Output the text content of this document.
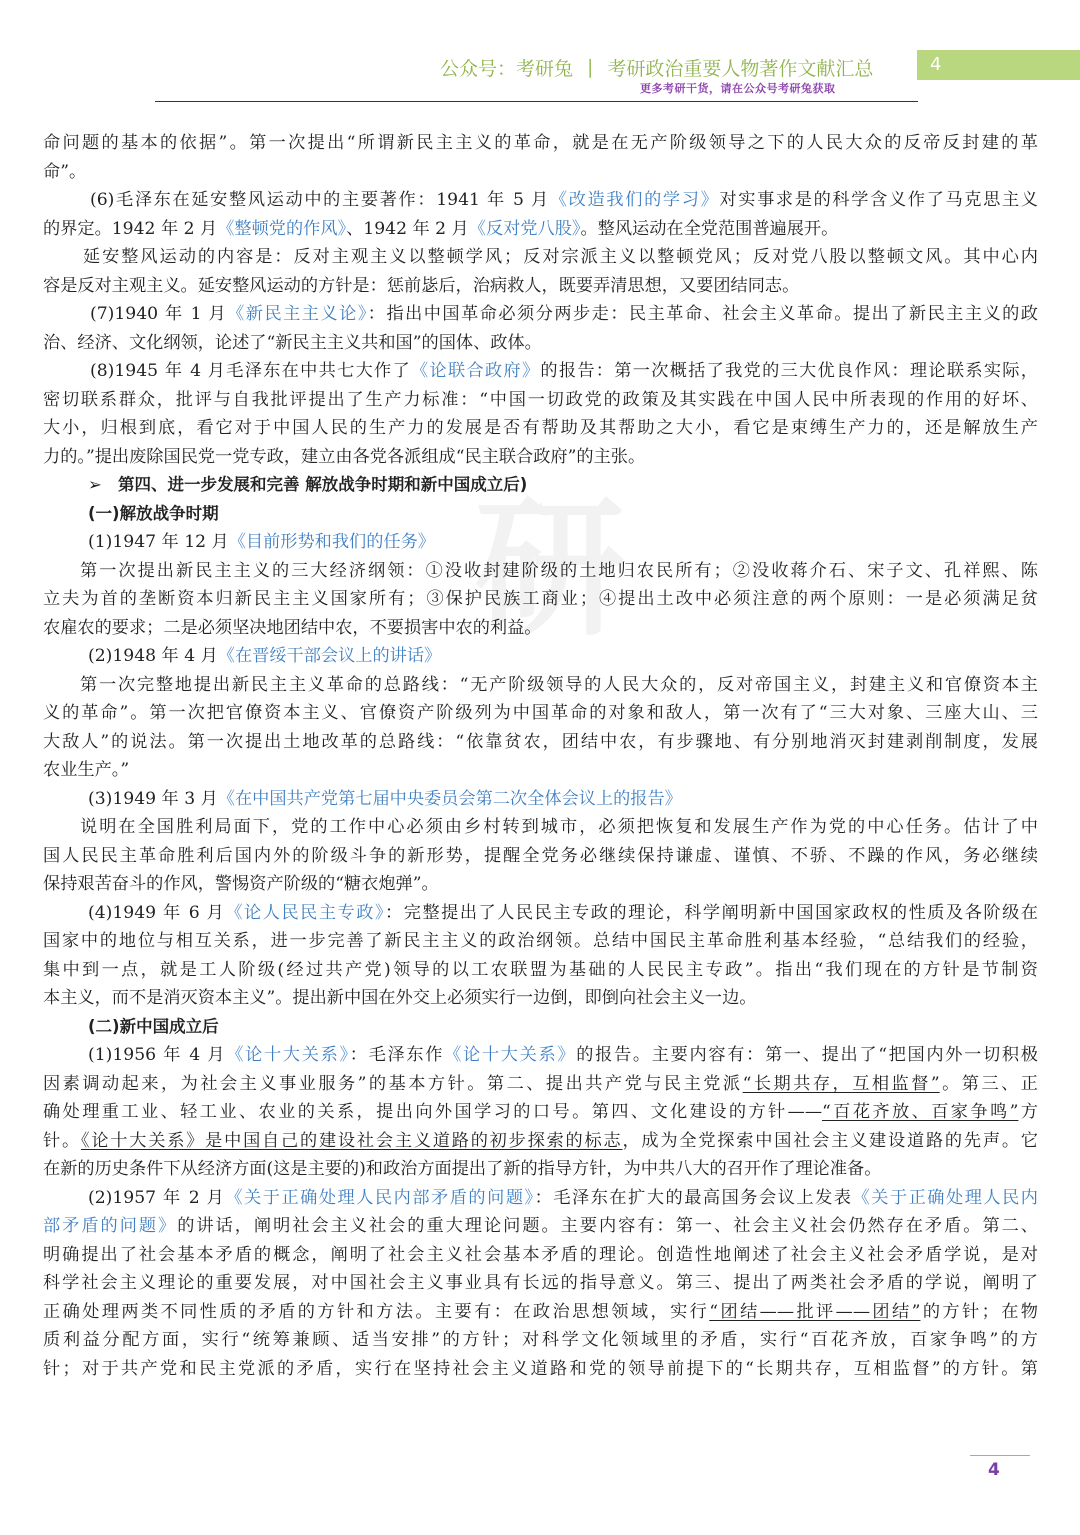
公众号：考研兔 | 考研政治重要人物著作文献汇总	4
更多考研干货，请在公众号考研兔获取
研
命问题的基本的依据”。第一次提出“所谓新民主主义的革命，就是在无产阶级领导之下的人民大众的反帝反封建的革
命”。
(6)毛泽东在延安整风运动中的主要著作：1941 年 5 月《改造我们的学习》对实事求是的科学含义作了马克思主义
的界定。1942 年 2 月《整顿党的作风》、1942 年 2 月《反对党八股》。整风运动在全党范围普遍展开。
延安整风运动的内容是：反对主观主义以整顿学风；反对宗派主义以整顿党风；反对党八股以整顿文风。其中心内
容是反对主观主义。延安整风运动的方针是：惩前毖后，治病救人，既要弄清思想，又要团结同志。
(7)1940 年 1 月《新民主主义论》：指出中国革命必须分两步走：民主革命、社会主义革命。提出了新民主主义的政
治、经济、文化纲领，论述了“新民主主义共和国”的国体、政体。
(8)1945 年 4 月毛泽东在中共七大作了《论联合政府》的报告：第一次概括了我党的三大优良作风：理论联系实际，
密切联系群众，批评与自我批评提出了生产力标准：“中国一切政党的政策及其实践在中国人民中所表现的作用的好坏、
大小，归根到底，看它对于中国人民的生产力的发展是否有帮助及其帮助之大小，看它是束缚生产力的，还是解放生产
力的。”提出废除国民党一党专政，建立由各党各派组成“民主联合政府”的主张。
➢ 第四、进一步发展和完善 解放战争时期和新中国成立后)
(一)解放战争时期
(1)1947 年 12 月《目前形势和我们的任务》
第一次提出新民主主义的三大经济纲领：①没收封建阶级的土地归农民所有；②没收蒋介石、宋子文、孔祥熙、陈
立夫为首的垄断资本归新民主主义国家所有；③保护民族工商业；④提出土改中必须注意的两个原则：一是必须满足贫
农雇农的要求；二是必须坚决地团结中农，不要损害中农的利益。
(2)1948 年 4 月《在晋绥干部会议上的讲话》
第一次完整地提出新民主主义革命的总路线：“无产阶级领导的人民大众的，反对帝国主义，封建主义和官僚资本主
义的革命”。第一次把官僚资本主义、官僚资产阶级列为中国革命的对象和敌人，第一次有了“三大对象、三座大山、三
大敌人”的说法。第一次提出土地改革的总路线：“依靠贫农，团结中农，有步骤地、有分别地消灭封建剥削制度，发展
农业生产。”
(3)1949 年 3 月《在中国共产党第七届中央委员会第二次全体会议上的报告》
说明在全国胜利局面下，党的工作中心必须由乡村转到城市，必须把恢复和发展生产作为党的中心任务。估计了中
国人民民主革命胜利后国内外的阶级斗争的新形势，提醒全党务必继续保持谦虚、谨慎、不骄、不躁的作风，务必继续
保持艰苦奋斗的作风，警惕资产阶级的“糖衣炮弹”。
(4)1949 年 6 月《论人民民主专政》：完整提出了人民民主专政的理论，科学阐明新中国国家政权的性质及各阶级在
国家中的地位与相互关系，进一步完善了新民主主义的政治纲领。总结中国民主革命胜利基本经验，“总结我们的经验，
集中到一点，就是工人阶级(经过共产党)领导的以工农联盟为基础的人民民主专政”。指出“我们现在的方针是节制资
本主义，而不是消灭资本主义”。提出新中国在外交上必须实行一边倒，即倒向社会主义一边。
(二)新中国成立后
(1)1956 年 4 月《论十大关系》：毛泽东作《论十大关系》的报告。主要内容有：第一、提出了“把国内外一切积极
因素调动起来，为社会主义事业服务”的基本方针。第二、提出共产党与民主党派“长期共存，互相监督”。第三、正
确处理重工业、轻工业、农业的关系，提出向外国学习的口号。第四、文化建设的方针——“百花齐放、百家争鸣”方
针。《论十大关系》是中国自己的建设社会主义道路的初步探索的标志，成为全党探索中国社会主义建设道路的先声。它
在新的历史条件下从经济方面(这是主要的)和政治方面提出了新的指导方针，为中共八大的召开作了理论准备。
(2)1957 年 2 月《关于正确处理人民内部矛盾的问题》：毛泽东在扩大的最高国务会议上发表《关于正确处理人民内
部矛盾的问题》的讲话，阐明社会主义社会的重大理论问题。主要内容有：第一、社会主义社会仍然存在矛盾。第二、
明确提出了社会基本矛盾的概念，阐明了社会主义社会基本矛盾的理论。创造性地阐述了社会主义社会矛盾学说，是对
科学社会主义理论的重要发展，对中国社会主义事业具有长远的指导意义。第三、提出了两类社会矛盾的学说，阐明了
正确处理两类不同性质的矛盾的方针和方法。主要有：在政治思想领域，实行“团结——批评——团结”的方针；在物
质利益分配方面，实行“统筹兼顾、适当安排”的方针；对科学文化领域里的矛盾，实行“百花齐放，百家争鸣”的方
针；对于共产党和民主党派的矛盾，实行在坚持社会主义道路和党的领导前提下的“长期共存，互相监督”的方针。第
4
